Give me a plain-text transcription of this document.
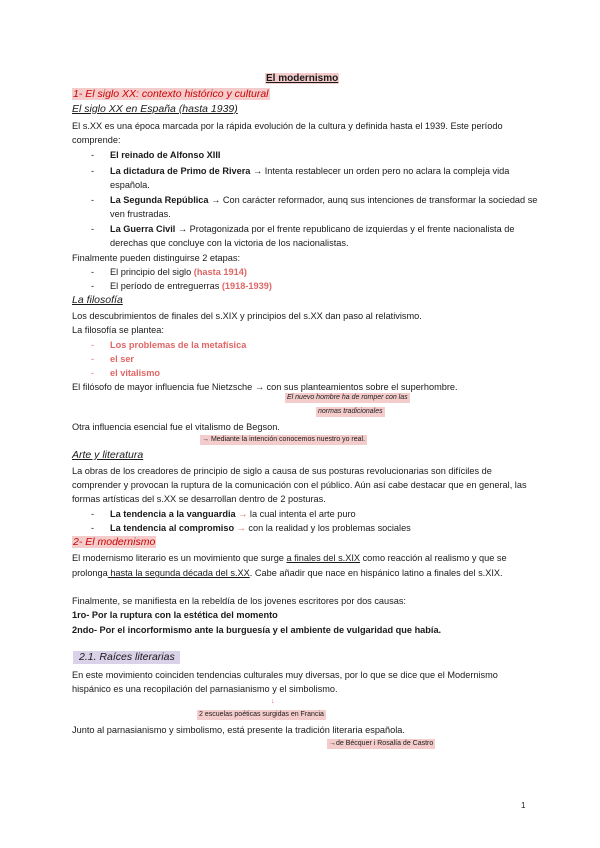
El modernismo
1- El siglo XX: contexto histórico y cultural
El siglo XX en España (hasta 1939)
El s.XX es una época marcada por la rápida evolución de la cultura y definida hasta el 1939. Este período
comprende:
- El reinado de Alfonso XIII
- La dictadura de Primo de Rivera → Intenta restablecer un orden pero no aclara la compleja vida
española.
- La Segunda República → Con carácter reformador, aunq sus intenciones de transformar la sociedad se
ven frustradas.
- La Guerra Civil → Protagonizada por el frente republicano de izquierdas y el frente nacionalista de
derechas que concluye con la victoria de los nacionalistas.
Finalmente pueden distinguirse 2 etapas:
- El principio del siglo (hasta 1914)
- El período de entreguerras (1918-1939)
La filosofía
Los descubrimientos de finales del s.XIX y principios del s.XX dan paso al relativismo.
La filosofía se plantea:
- Los problemas de la metafísica
- el ser
- el vitalismo
El filósofo de mayor influencia fue Nietzsche → con sus planteamientos sobre el superhombre.
El nuevo hombre ha de romper con las
normas tradicionales
Otra influencia esencial fue el vitalismo de Begson.
→ Mediante la intención conocemos nuestro yo real.
Arte y literatura
La obras de los creadores de principio de siglo a causa de sus posturas revolucionarias son difíciles de
comprender y provocan la ruptura de la comunicación con el público. Aún así cabe destacar que en general, las
formas artísticas del s.XX se desarrollan dentro de 2 posturas.
- La tendencia a la vanguardia → la cual intenta el arte puro
- La tendencia al compromiso → con la realidad y los problemas sociales
2- El modernismo
El modernismo literario es un movimiento que surge a finales del s.XIX como reacción al realismo y que se
prolonga hasta la segunda década del s.XX. Cabe añadir que nace en hispánico latino a finales del s.XIX.
Finalmente, se manifiesta en la rebeldía de los jovenes escritores por dos causas:
1ro- Por la ruptura con la estética del momento
2ndo- Por el incorformismo ante la burguesía y el ambiente de vulgaridad que había.
2.1. Raíces literarias
En este movimiento coinciden tendencias culturales muy diversas, por lo que se dice que el Modernismo
hispánico es una recopilación del parnasianismo y el simbolismo.
↓
2 escuelas poéticas surgidas en Francia
Junto al parnasianismo y simbolismo, está presente la tradición literaria española.
→de Bécquer i Rosalía de Castro
1
